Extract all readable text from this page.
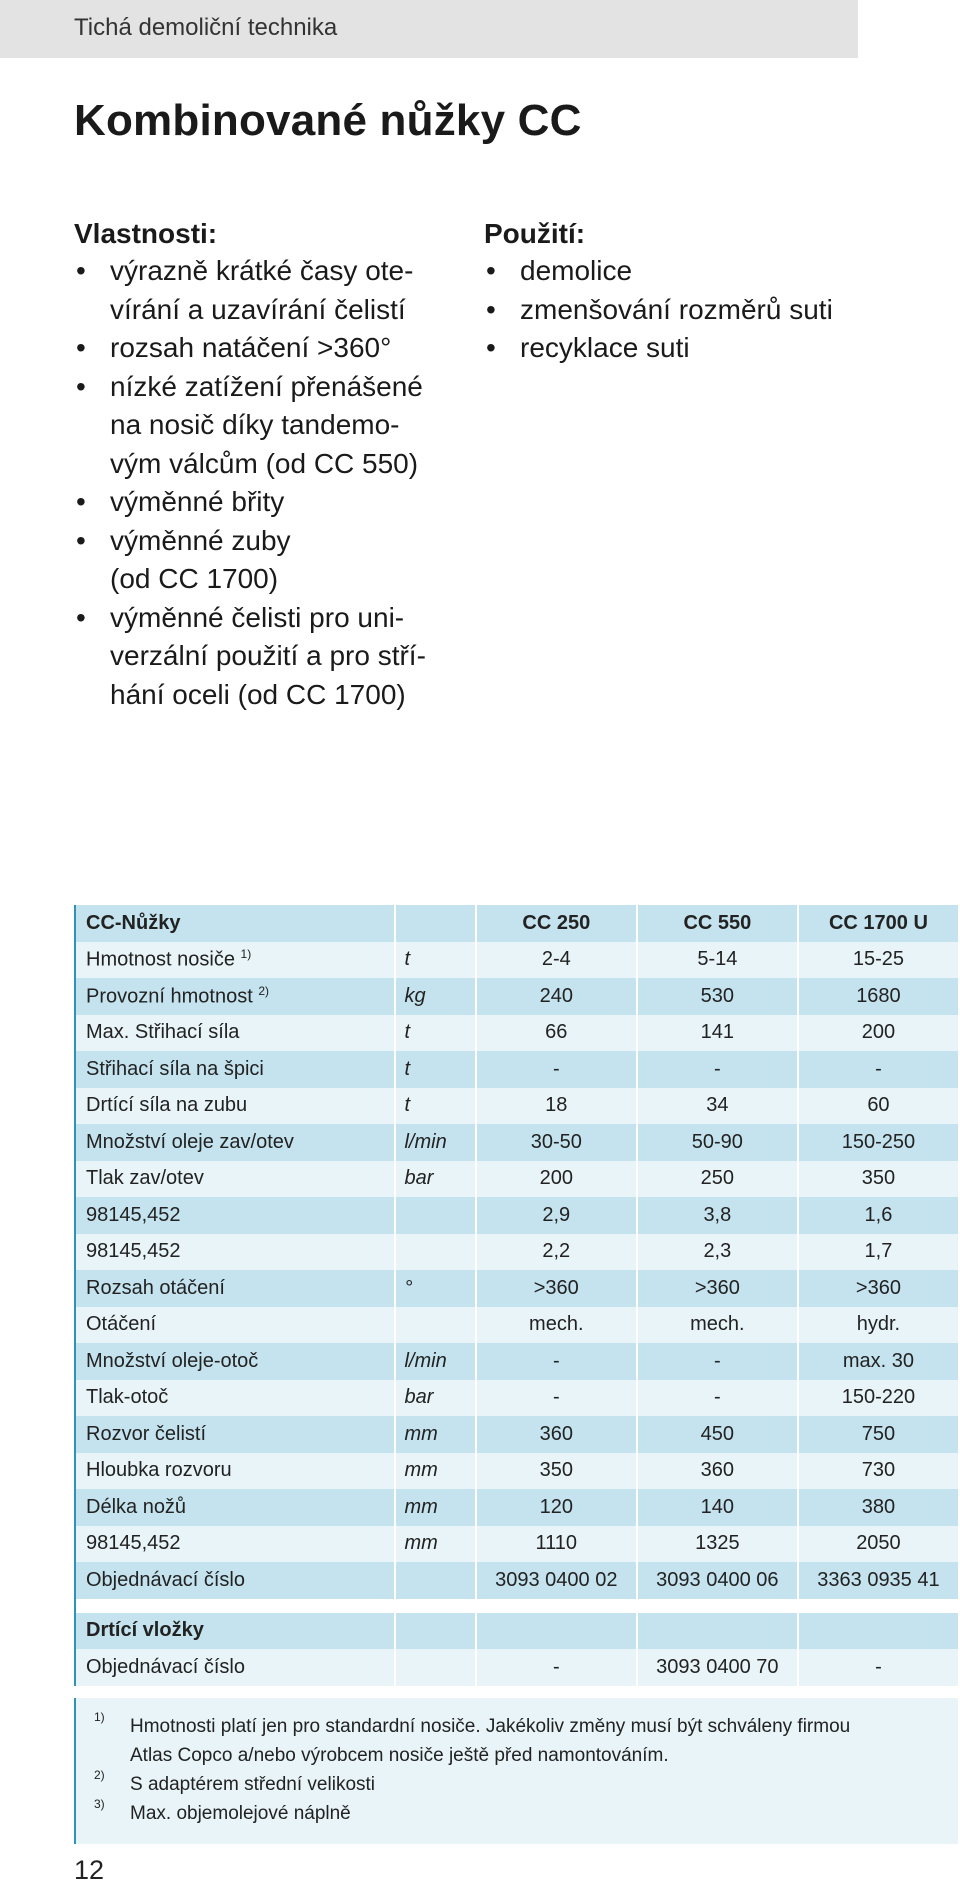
Tichá demoliční technika
Kombinované nůžky CC
Vlastnosti:
• výrazně krátké časy ote-
vírání a uzavírání čelistí
• rozsah natáčení >360°
• nízké zatížení přenášené
na nosič díky tandemo-
vým válcům (od CC 550)
• výměnné břity
• výměnné zuby
(od CC 1700)
• výměnné čelisti pro uni-
verzální použití a pro stří-
hání oceli (od CC 1700)
Použití:
• demolice
• zmenšování rozměrů suti
• recyklace suti
CC-Nůžky		CC 250	CC 550	CC 1700 U
Hmotnost nosiče $^{1)}$	t	2-4	5-14	15-25
Provozní hmotnost $^{2)}$	kg	240	530	1680
Max. Střihací síla	t	66	141	200
Střihací síla na špici	t	-	-	-
Drtící síla na zubu	t	18	34	60
Množství oleje zav/otev	l/min	30-50	50-90	150-250
Tlak zav/otev	bar	200	250	350
98145,452		2,9	3,8	1,6
98145,452		2,2	2,3	1,7
Rozsah otáčení	°	>360	>360	>360
Otáčení		mech.	mech.	hydr.
Množství oleje-otoč	l/min	-	-	max. 30
Tlak-otoč	bar	-	-	150-220
Rozvor čelistí	mm	360	450	750
Hloubka rozvoru	mm	350	360	730
Délka nožů	mm	120	140	380
98145,452	mm	1110	1325	2050
Objednávací číslo		3093 0400 02	3093 0400 06	3363 0935 41

Drtící vložky				
Objednávací číslo		-	3093 0400 70	-
$^{1)}$ Hmotnosti platí jen pro standardní nosiče. Jakékoliv změny musí být schváleny firmou
Atlas Copco a/nebo výrobcem nosiče ještě před namontováním.
$^{2)}$ S adaptérem střední velikosti
$^{3)}$ Max. objemolejové náplně
12
